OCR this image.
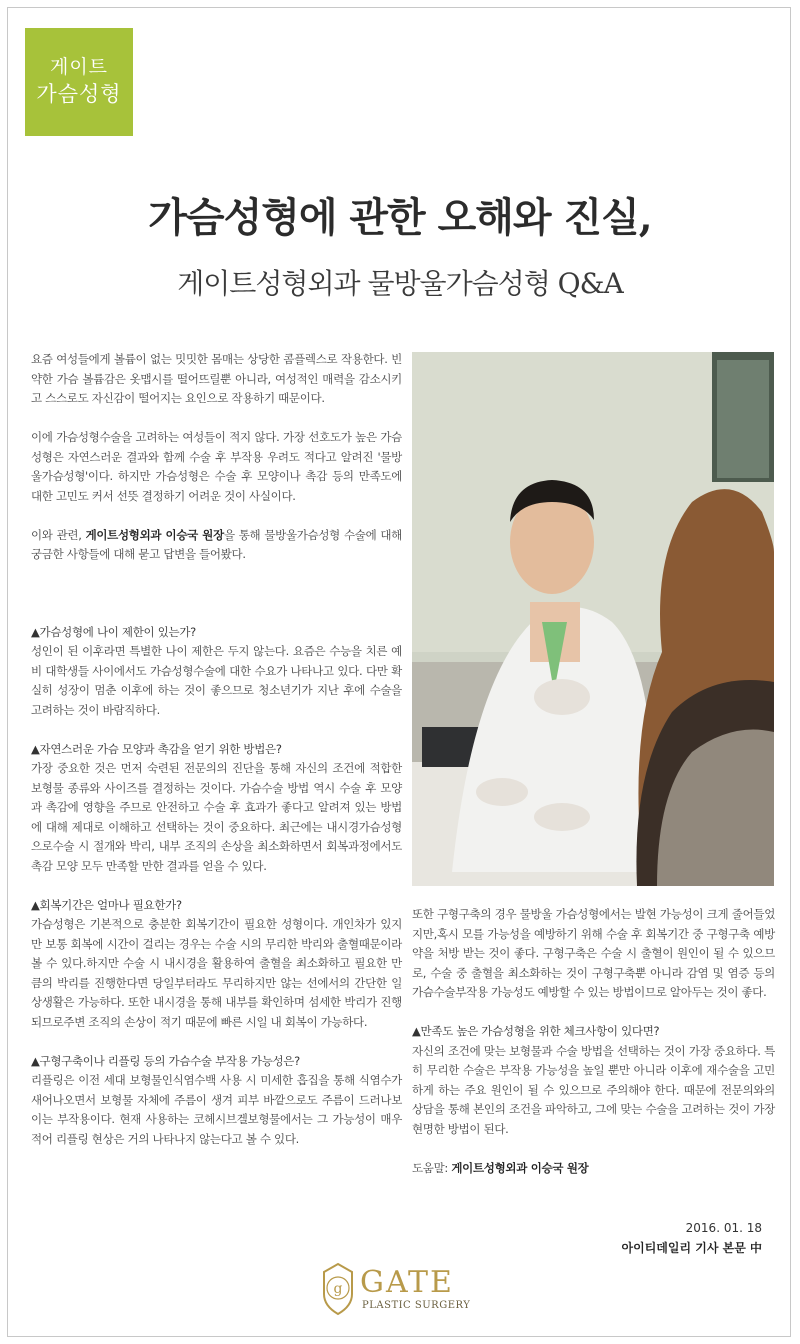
게이트
가슴성형
가슴성형에 관한 오해와 진실,
게이트성형외과 물방울가슴성형 Q&A

요즘 여성들에게 볼륨이 없는 밋밋한 몸매는 상당한 콤플렉스로 작용한다. 빈약한 가슴 볼륨감은 옷맵시를 떨어뜨릴뿐 아니라, 여성적인 매력을 감소시키고 스스로도 자신감이 떨어지는 요인으로 작용하기 때문이다.

이에 가슴성형수술을 고려하는 여성들이 적지 않다. 가장 선호도가 높은 가슴성형은 자연스러운 결과와 함께 수술 후 부작용 우려도 적다고 알려진 '물방울가슴성형'이다. 하지만 가슴성형은 수술 후 모양이나 촉감 등의 만족도에 대한 고민도 커서 선뜻 결정하기 어려운 것이 사실이다.

이와 관련, 게이트성형외과 이승국 원장을 통해 물방울가슴성형 수술에 대해 궁금한 사항들에 대해 묻고 답변을 들어봤다.

▲가슴성형에 나이 제한이 있는가?

성인이 된 이후라면 특별한 나이 제한은 두지 않는다. 요즘은 수능을 치른 예비 대학생들 사이에서도 가슴성형수술에 대한 수요가 나타나고 있다. 다만 확실히 성장이 멈춘 이후에 하는 것이 좋으므로 청소년기가 지난 후에 수술을 고려하는 것이 바람직하다.

▲자연스러운 가슴 모양과 촉감을 얻기 위한 방법은?

가장 중요한 것은 먼저 숙련된 전문의의 진단을 통해 자신의 조건에 적합한 보형물 종류와 사이즈를 결정하는 것이다. 가슴수술 방법 역시 수술 후 모양과 촉감에 영향을 주므로 안전하고 수술 후 효과가 좋다고 알려져 있는 방법에 대해 제대로 이해하고 선택하는 것이 중요하다. 최근에는 내시경가슴성형으로수술 시 절개와 박리, 내부 조직의 손상을 최소화하면서 회복과정에서도 촉감 모양 모두 만족할 만한 결과를 얻을 수 있다.

▲회복기간은 얼마나 필요한가?

가슴성형은 기본적으로 충분한 회복기간이 필요한 성형이다. 개인차가 있지만 보통 회복에 시간이 걸리는 경우는 수술 시의 무리한 박리와 출혈때문이라 볼 수 있다.하지만 수술 시 내시경을 활용하여 출혈을 최소화하고 필요한 만큼의 박리를 진행한다면 당일부터라도 무리하지만 않는 선에서의 간단한 일상생활은 가능하다. 또한 내시경을 통해 내부를 확인하며 섬세한 박리가 진행되므로주변 조직의 손상이 적기 때문에 빠른 시일 내 회복이 가능하다.

▲구형구축이나 리플링 등의 가슴수술 부작용 가능성은?

리플링은 이전 세대 보형물인식염수백 사용 시 미세한 흡집을 통해 식염수가 새어나오면서 보형물 자체에 주름이 생겨 피부 바깥으로도 주름이 드러나보이는 부작용이다. 현재 사용하는 코헤시브겔보형물에서는 그 가능성이 매우 적어 리플링 현상은 거의 나타나지 않는다고 볼 수 있다.

또한 구형구축의 경우 물방울 가슴성형에서는 발현 가능성이 크게 줄어들었지만,혹시 모를 가능성을 예방하기 위해 수술 후 회복기간 중 구형구축 예방약을 처방 받는 것이 좋다. 구형구축은 수술 시 출혈이 원인이 될 수 있으므로, 수술 중 출혈을 최소화하는 것이 구형구축뿐 아니라 감염 및 염증 등의 가슴수술부작용 가능성도 예방할 수 있는 방법이므로 알아두는 것이 좋다.

▲만족도 높은 가슴성형을 위한 체크사항이 있다면?

자신의 조건에 맞는 보형물과 수술 방법을 선택하는 것이 가장 중요하다. 특히 무리한 수술은 부작용 가능성을 높일 뿐만 아니라 이후에 재수술을 고민하게 하는 주요 원인이 될 수 있으므로 주의해야 한다. 때문에 전문의와의 상담을 통해 본인의 조건을 파악하고, 그에 맞는 수술을 고려하는 것이 가장 현명한 방법이 된다.

도움말: 게이트성형외과 이승국 원장

2016. 01. 18
아이티데일리 기사 본문 中
g GATE
PLASTIC SURGERY
